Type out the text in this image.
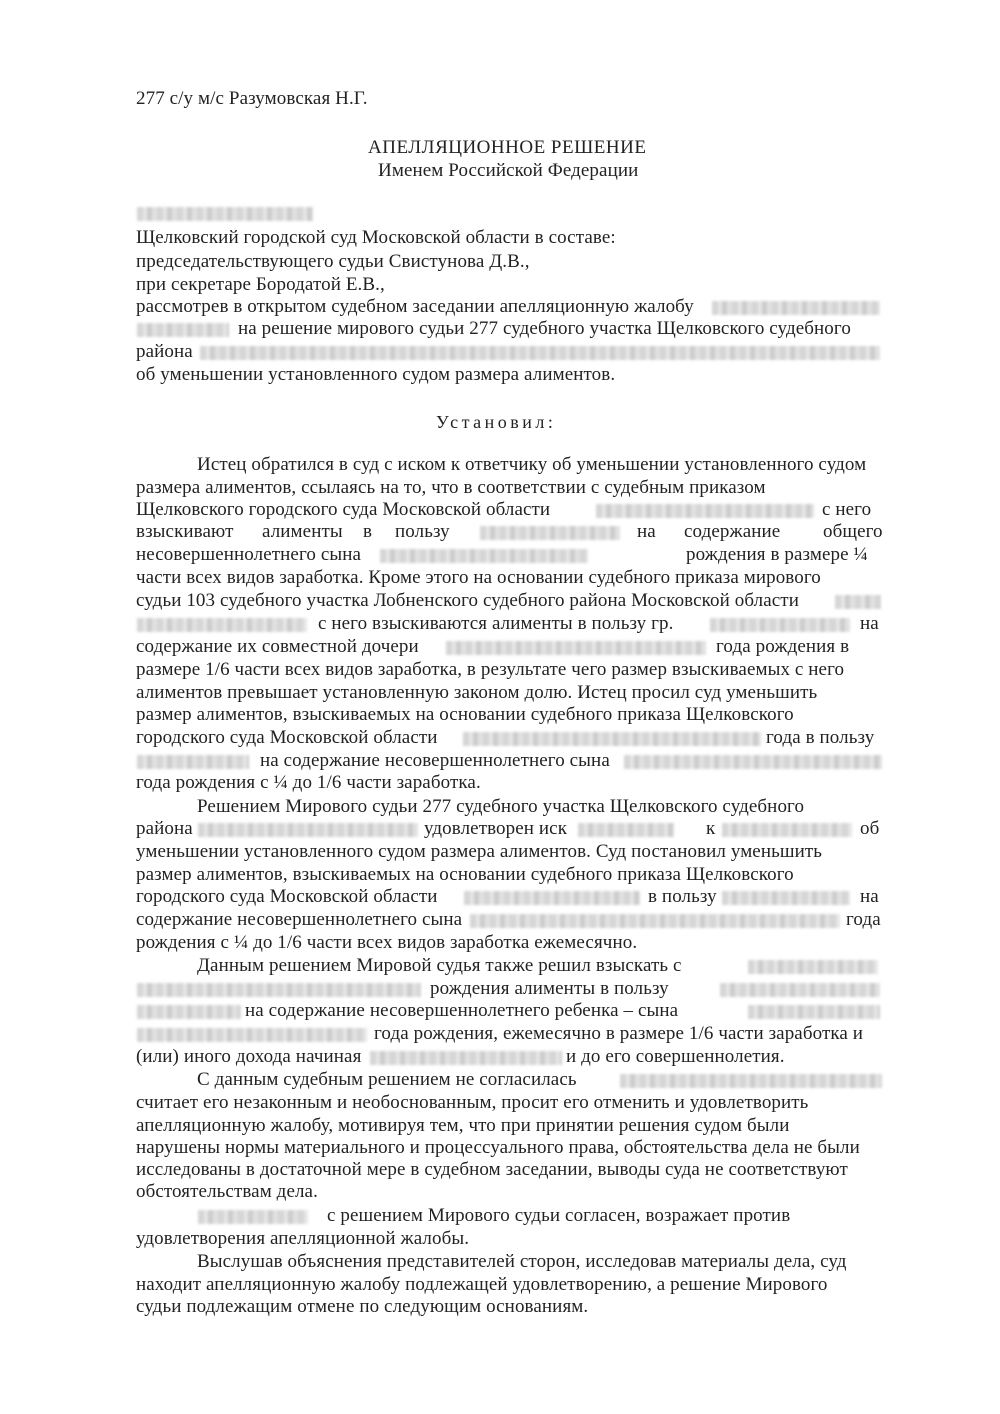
277 с/у м/с Разумовская Н.Г.
АПЕЛЛЯЦИОННОЕ РЕШЕНИЕ
Именем Российской Федерации
Щелковский городской суд Московской области в составе:
председательствующего судьи Свистунова Д.В.,
при секретаре Бородатой Е.В.,
рассмотрев в открытом судебном заседании апелляционную жалобу
на решение мирового судьи 277 судебного участка Щелковского судебного
района
об уменьшении установленного судом размера алиментов.
Установил:
Истец обратился в суд с иском к ответчику об уменьшении установленного судом
размера алиментов, ссылаясь на то, что в соответствии с судебным приказом
Щелковского городского суда Московской области	с него
взыскивают алименты в пользу	на содержание общего
несовершеннолетнего сына	рождения в размере ¼
части всех видов заработка. Кроме этого на основании судебного приказа мирового
судьи 103 судебного участка Лобненского судебного района Московской области
с него взыскиваются алименты в пользу гр.	на
содержание их совместной дочери	года рождения в
размере 1/6 части всех видов заработка, в результате чего размер взыскиваемых с него
алиментов превышает установленную законом долю. Истец просил суд уменьшить
размер алиментов, взыскиваемых на основании судебного приказа Щелковского
городского суда Московской области	года в пользу
на содержание несовершеннолетнего сына
года рождения с ¼ до 1/6 части заработка.
Решением Мирового судьи 277 судебного участка Щелковского судебного
района	удовлетворен иск	к	об
уменьшении установленного судом размера алиментов. Суд постановил уменьшить
размер алиментов, взыскиваемых на основании судебного приказа Щелковского
городского суда Московской области	в пользу	на
содержание несовершеннолетнего сына	года
рождения с ¼ до 1/6 части всех видов заработка ежемесячно.
Данным решением Мировой судья также решил взыскать с
рождения алименты в пользу
на содержание несовершеннолетнего ребенка – сына
года рождения, ежемесячно в размере 1/6 части заработка и
(или) иного дохода начиная	и до его совершеннолетия.
С данным судебным решением не согласилась
считает его незаконным и необоснованным, просит его отменить и удовлетворить
апелляционную жалобу, мотивируя тем, что при принятии решения судом были
нарушены нормы материального и процессуального права, обстоятельства дела не были
исследованы в достаточной мере в судебном заседании, выводы суда не соответствуют
обстоятельствам дела.
с решением Мирового судьи согласен, возражает против
удовлетворения апелляционной жалобы.
Выслушав объяснения представителей сторон, исследовав материалы дела, суд
находит апелляционную жалобу подлежащей удовлетворению, а решение Мирового
судьи подлежащим отмене по следующим основаниям.
